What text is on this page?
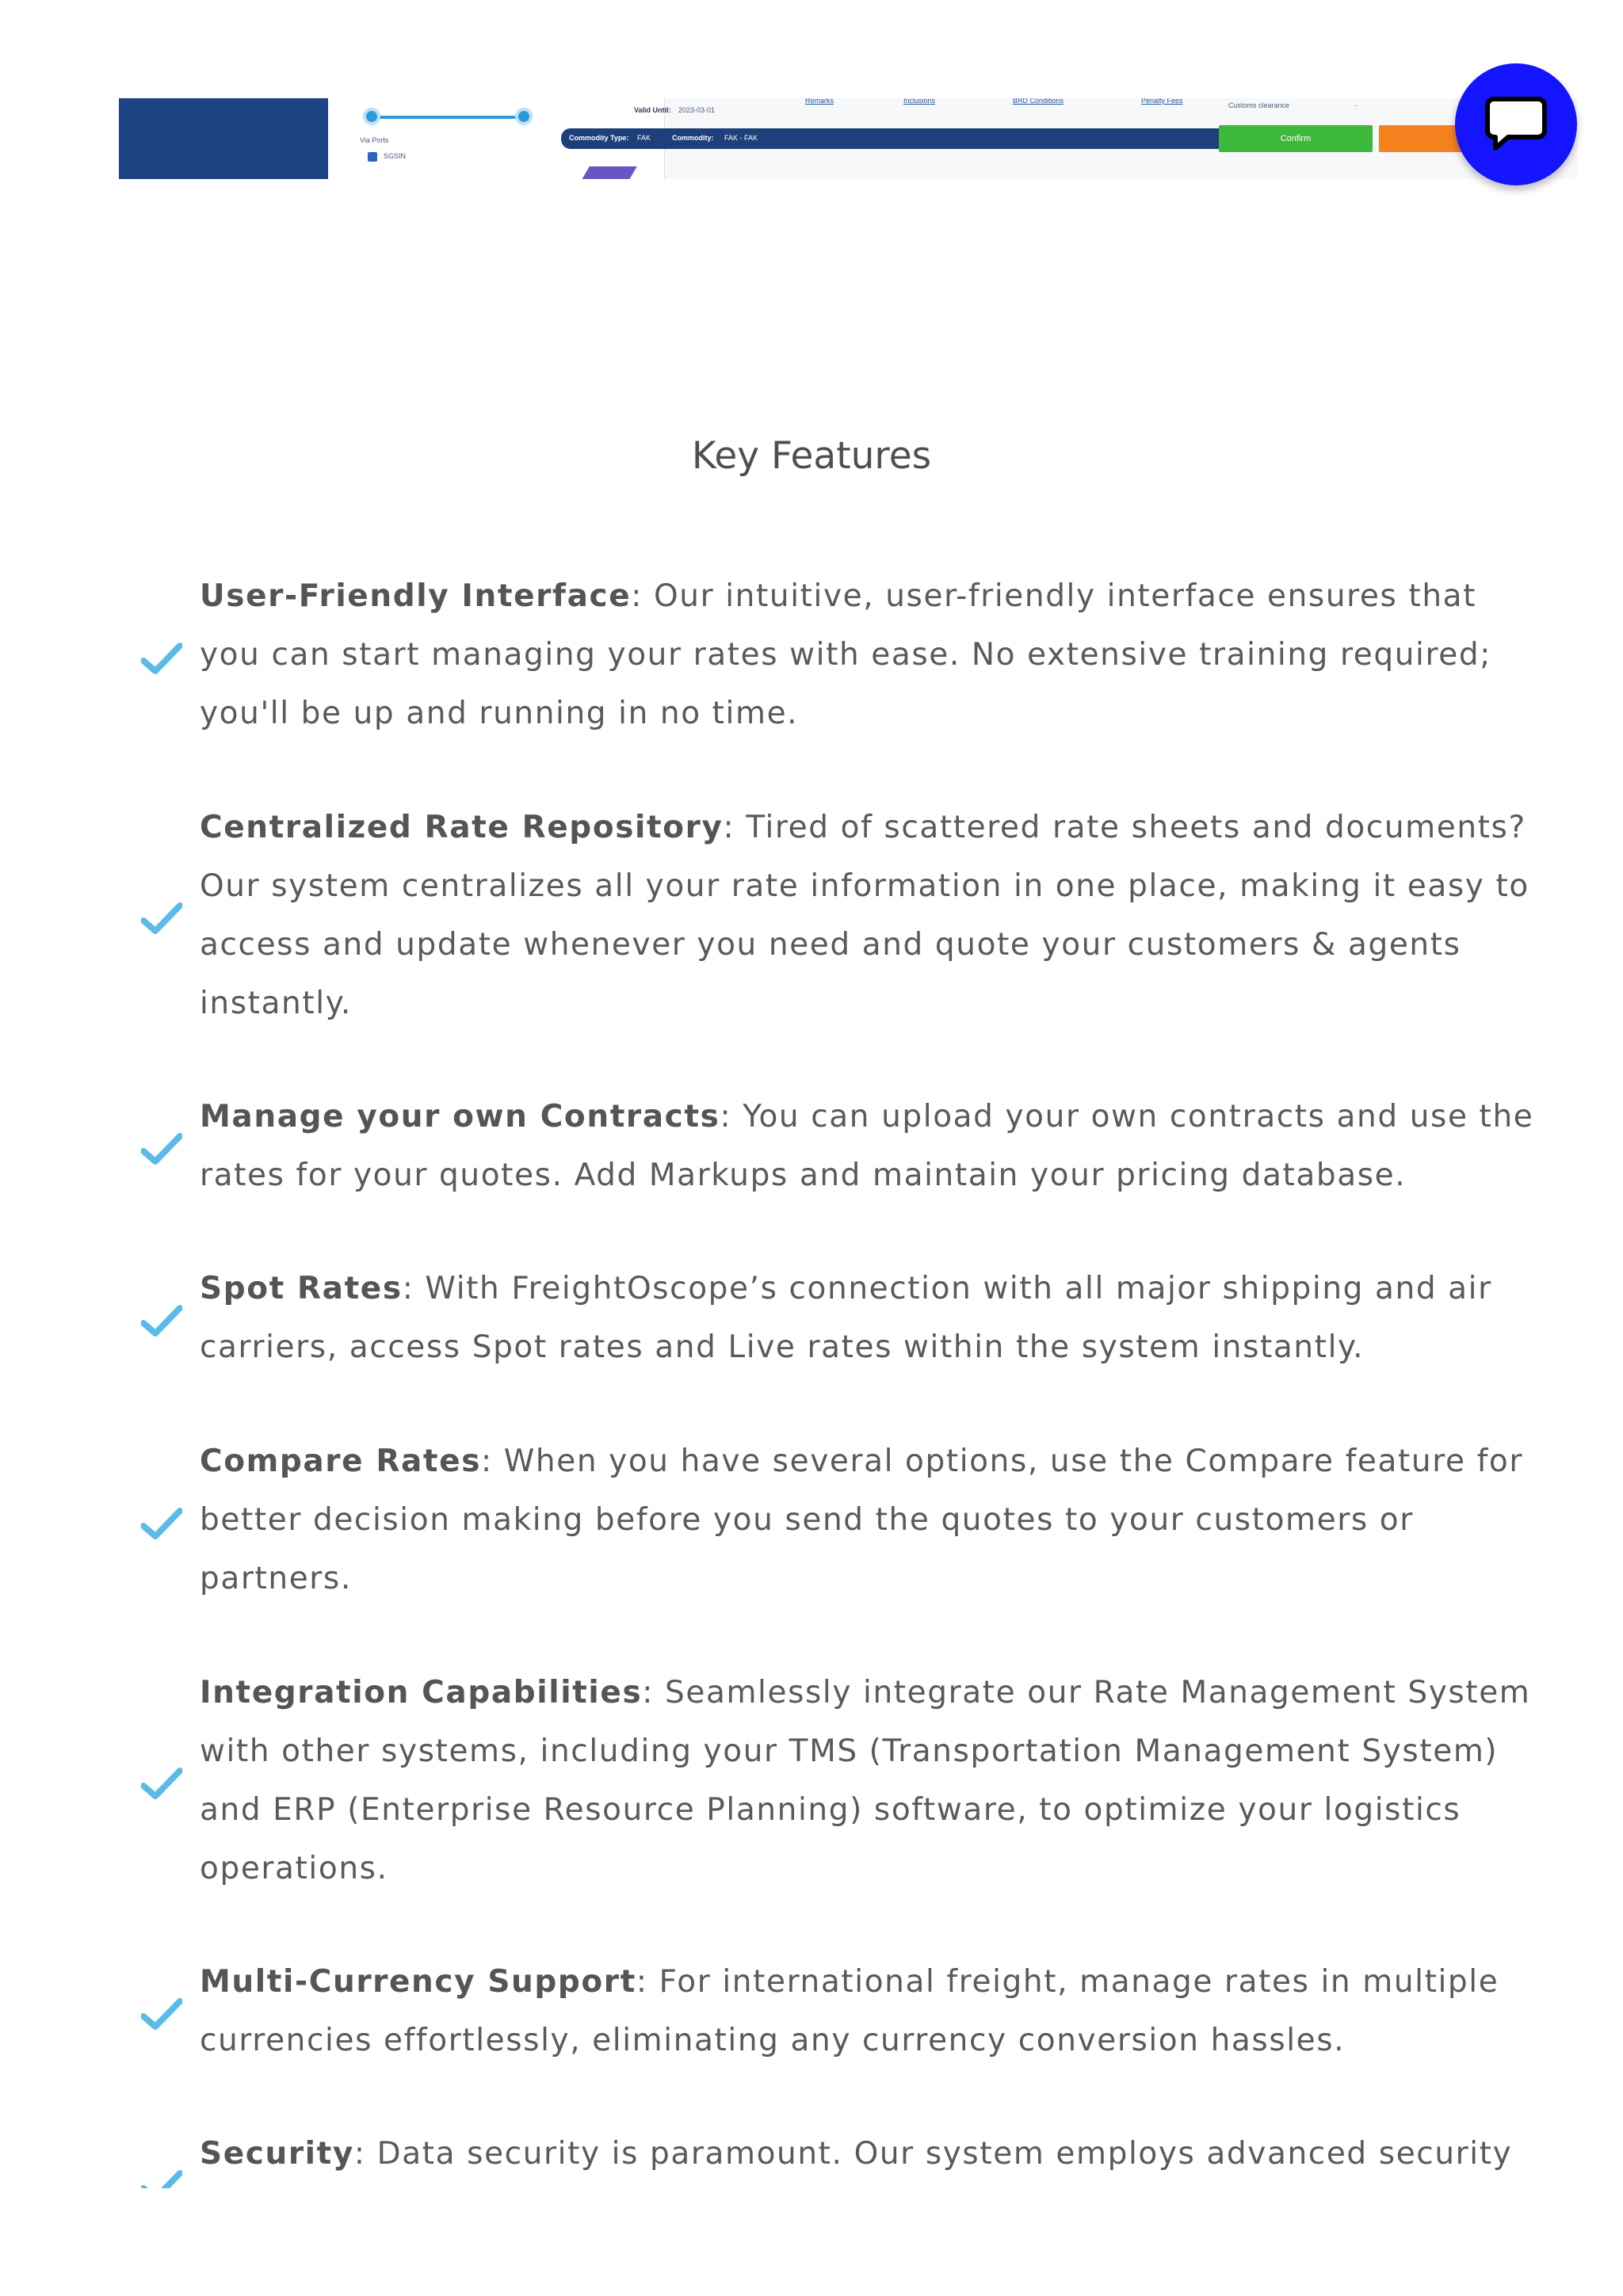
Via Ports
SGSIN
Valid Until: 2023-03-01
Remarks	Inclusions	BRD Conditions	Penalty Fees
Customs clearance	-
Commodity Type: FAK	Commodity: FAK - FAK	Confirm
Key Features

User-Friendly Interface: Our intuitive, user-friendly interface ensures that you can start managing your rates with ease. No extensive training required; you'll be up and running in no time.

Centralized Rate Repository: Tired of scattered rate sheets and documents? Our system centralizes all your rate information in one place, making it easy to access and update whenever you need and quote your customers & agents instantly.

Manage your own Contracts: You can upload your own contracts and use the rates for your quotes. Add Markups and maintain your pricing database.

Spot Rates: With FreightOscope’s connection with all major shipping and air carriers, access Spot rates and Live rates within the system instantly.

Compare Rates: When you have several options, use the Compare feature for better decision making before you send the quotes to your customers or partners.

Integration Capabilities: Seamlessly integrate our Rate Management System with other systems, including your TMS (Transportation Management System) and ERP (Enterprise Resource Planning) software, to optimize your logistics operations.

Multi-Currency Support: For international freight, manage rates in multiple currencies effortlessly, eliminating any currency conversion hassles.

Security: Data security is paramount. Our system employs advanced security
